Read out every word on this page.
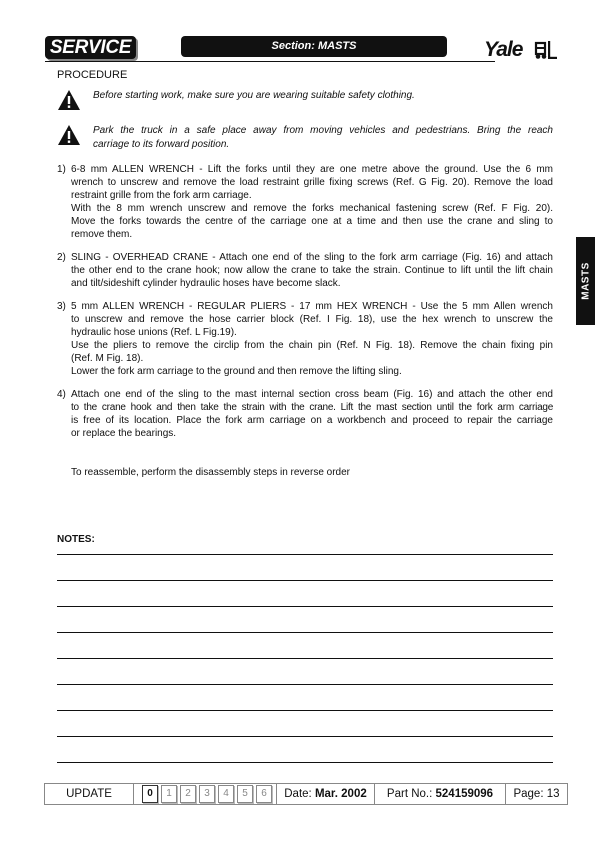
SERVICE	Section: MASTS	Yale
PROCEDURE

Before starting work, make sure you are wearing suitable safety clothing.

Park the truck in a safe place away from moving vehicles and pedestrians. Bring the reach
carriage to its forward position.

1) 6-8 mm ALLEN WRENCH - Lift the forks until they are one metre above the ground. Use the 6 mm
wrench to unscrew and remove the load restraint grille fixing screws (Ref. G Fig. 20). Remove the load
restraint grille from the fork arm carriage.
With the 8 mm wrench unscrew and remove the forks mechanical fastening screw (Ref. F Fig. 20).
Move the forks towards the centre of the carriage one at a time and then use the crane and sling to
remove them.
2) SLING - OVERHEAD CRANE - Attach one end of the sling to the fork arm carriage (Fig. 16) and attach
the other end to the crane hook; now allow the crane to take the strain. Continue to lift until the lift chain
and tilt/sideshift cylinder hydraulic hoses have become slack.
3) 5 mm ALLEN WRENCH - REGULAR PLIERS - 17 mm HEX WRENCH - Use the 5 mm Allen wrench
to unscrew and remove the hose carrier block (Ref. I Fig. 18), use the hex wrench to unscrew the
hydraulic hose unions (Ref. L Fig.19).
Use the pliers to remove the circlip from the chain pin (Ref. N Fig. 18). Remove the chain fixing pin
(Ref. M Fig. 18).
Lower the fork arm carriage to the ground and then remove the lifting sling.
4) Attach one end of the sling to the mast internal section cross beam (Fig. 16) and attach the other end
to the crane hook and then take the strain with the crane. Lift the mast section until the fork arm carriage
is free of its location. Place the fork arm carriage on a workbench and proceed to repair the carriage
or replace the bearings.
To reassemble, perform the disassembly steps in reverse order
NOTES:
UPDATE	0	1	2	3	4	5	6	Date: Mar. 2002	Part No.: 524159096	Page: 13
MASTS
